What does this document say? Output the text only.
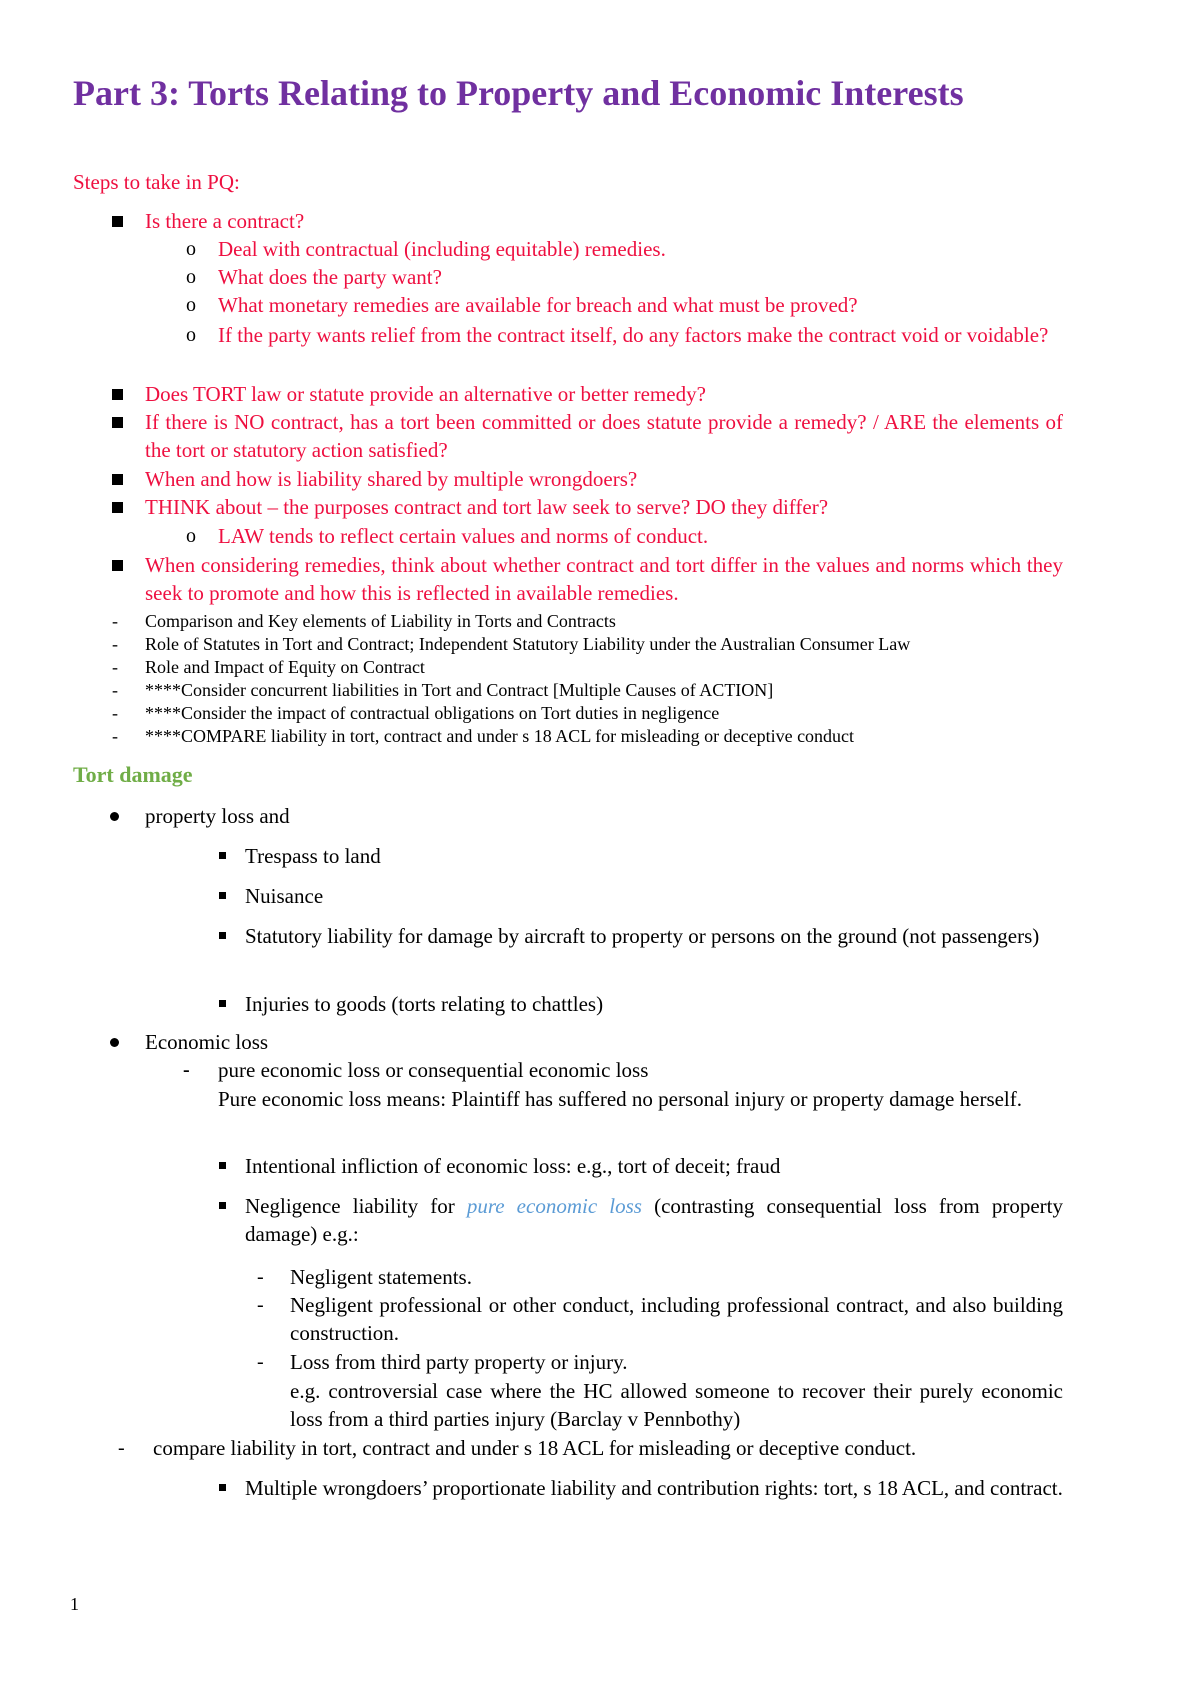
Part 3: Torts Relating to Property and Economic Interests

Steps to take in PQ:

Is there a contract?

o Deal with contractual (including equitable) remedies.

o What does the party want?

o What monetary remedies are available for breach and what must be proved?

o If the party wants relief from the contract itself, do any factors make the contract void or voidable?

Does TORT law or statute provide an alternative or better remedy?

If there is NO contract, has a tort been committed or does statute provide a remedy? / ARE the elements of the tort or statutory action satisfied?

When and how is liability shared by multiple wrongdoers?

THINK about – the purposes contract and tort law seek to serve? DO they differ?

o LAW tends to reflect certain values and norms of conduct.

When considering remedies, think about whether contract and tort differ in the values and norms which they seek to promote and how this is reflected in available remedies.

- Comparison and Key elements of Liability in Torts and Contracts

- Role of Statutes in Tort and Contract; Independent Statutory Liability under the Australian Consumer Law

- Role and Impact of Equity on Contract

- ****Consider concurrent liabilities in Tort and Contract [Multiple Causes of ACTION]

- ****Consider the impact of contractual obligations on Tort duties in negligence

- ****COMPARE liability in tort, contract and under s 18 ACL for misleading or deceptive conduct

Tort damage

property loss and

Trespass to land

Nuisance

Statutory liability for damage by aircraft to property or persons on the ground (not passengers)

Injuries to goods (torts relating to chattles)

Economic loss

- pure economic loss or consequential economic loss

Pure economic loss means: Plaintiff has suffered no personal injury or property damage herself.

Intentional infliction of economic loss: e.g., tort of deceit; fraud

Negligence liability for pure economic loss (contrasting consequential loss from property damage) e.g.:

- Negligent statements.

- Negligent professional or other conduct, including professional contract, and also building construction.

- Loss from third party property or injury.

e.g. controversial case where the HC allowed someone to recover their purely economic loss from a third parties injury (Barclay v Pennbothy)

- compare liability in tort, contract and under s 18 ACL for misleading or deceptive conduct.

Multiple wrongdoers’ proportionate liability and contribution rights: tort, s 18 ACL, and contract.

1
